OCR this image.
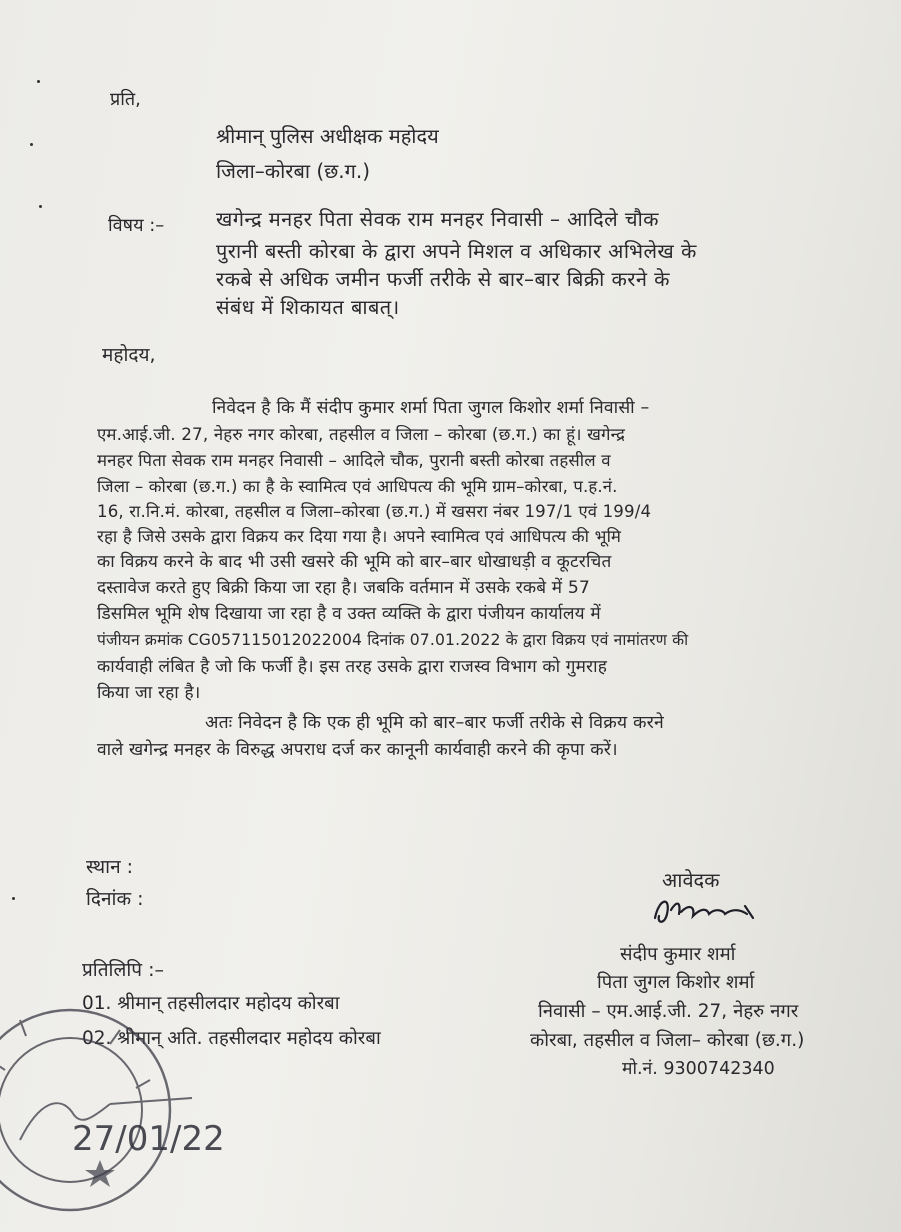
प्रति,
श्रीमान् पुलिस अधीक्षक महोदय
जिला–कोरबा (छ.ग.)
विषय :–	खगेन्द्र मनहर पिता सेवक राम मनहर निवासी – आदिले चौक
पुरानी बस्ती कोरबा के द्वारा अपने मिशल व अधिकार अभिलेख के
रकबे से अधिक जमीन फर्जी तरीके से बार–बार बिक्री करने के
संबंध में शिकायत बाबत्।
महोदय,
निवेदन है कि मैं संदीप कुमार शर्मा पिता जुगल किशोर शर्मा निवासी –
एम.आई.जी. 27, नेहरु नगर कोरबा, तहसील व जिला – कोरबा (छ.ग.) का हूं। खगेन्द्र
मनहर पिता सेवक राम मनहर निवासी – आदिले चौक, पुरानी बस्ती कोरबा तहसील व
जिला – कोरबा (छ.ग.) का है के स्वामित्व एवं आधिपत्य की भूमि ग्राम–कोरबा, प.ह.नं.
16, रा.नि.मं. कोरबा, तहसील व जिला–कोरबा (छ.ग.) में खसरा नंबर 197/1 एवं 199/4
रहा है जिसे उसके द्वारा विक्रय कर दिया गया है। अपने स्वामित्व एवं आधिपत्य की भूमि
का विक्रय करने के बाद भी उसी खसरे की भूमि को बार–बार धोखाधड़ी व कूटरचित
दस्तावेज करते हुए बिक्री किया जा रहा है। जबकि वर्तमान में उसके रकबे में 57
डिसमिल भूमि शेष दिखाया जा रहा है व उक्त व्यक्ति के द्वारा पंजीयन कार्यालय में
पंजीयन क्रमांक CG057115012022004 दिनांक 07.01.2022 के द्वारा विक्रय एवं नामांतरण की
कार्यवाही लंबित है जो कि फर्जी है। इस तरह उसके द्वारा राजस्व विभाग को गुमराह
किया जा रहा है।
अतः निवेदन है कि एक ही भूमि को बार–बार फर्जी तरीके से विक्रय करने
वाले खगेन्द्र मनहर के विरुद्ध अपराध दर्ज कर कानूनी कार्यवाही करने की कृपा करें।
स्थान :
दिनांक :
प्रतिलिपि :–
01. श्रीमान् तहसीलदार महोदय कोरबा
02. श्रीमान् अति. तहसीलदार महोदय कोरबा
आवेदक
संदीप कुमार शर्मा
पिता जुगल किशोर शर्मा
निवासी – एम.आई.जी. 27, नेहरु नगर
कोरबा, तहसील व जिला– कोरबा (छ.ग.)
मो.नं. 9300742340
27/01/22
